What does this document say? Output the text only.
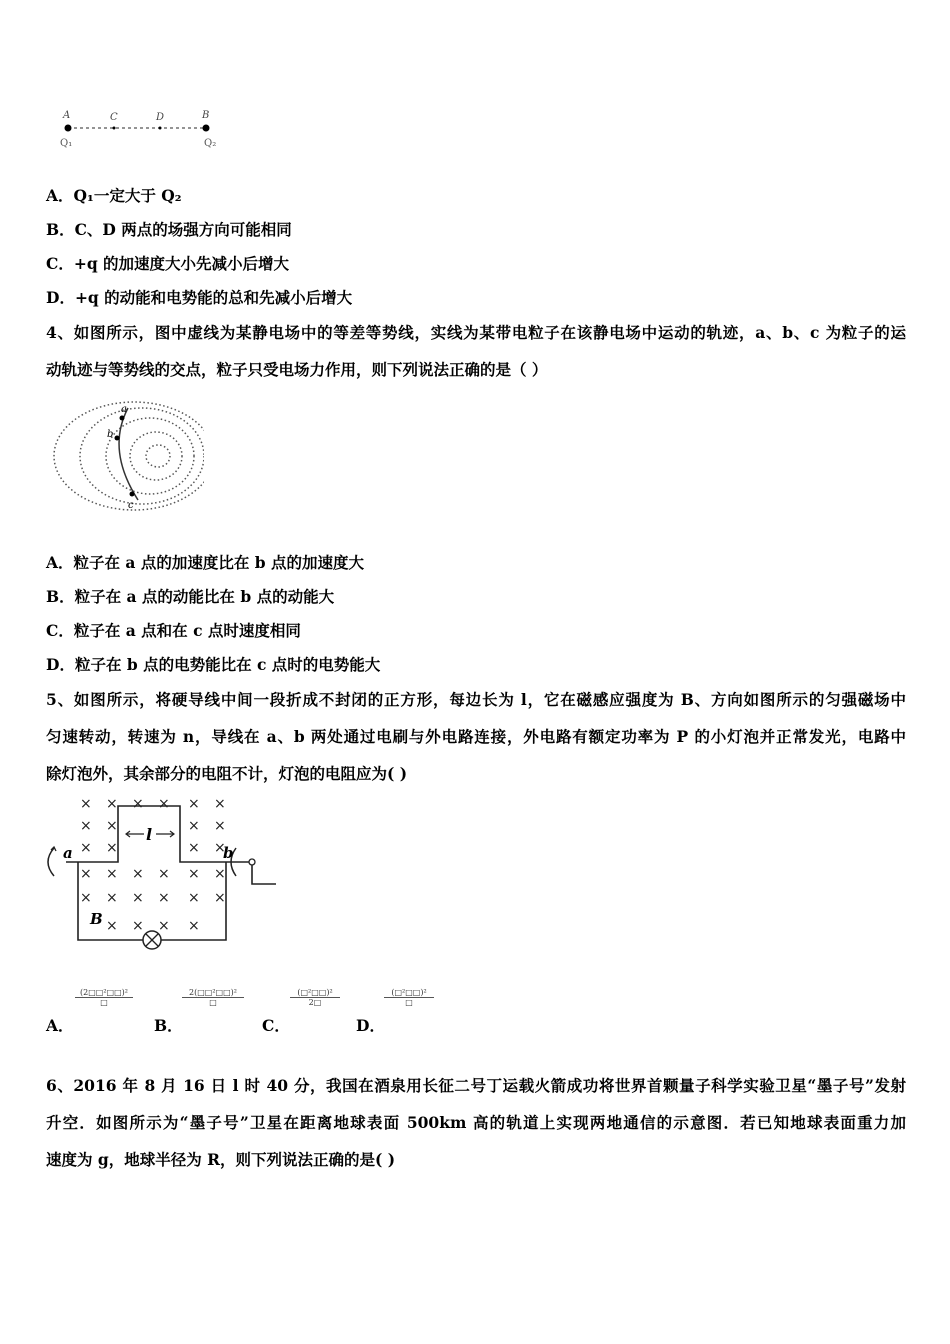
A	C	D	B
Q₁	Q₂
A．Q₁一定大于 Q₂
B．C、D 两点的场强方向可能相同
C．+q 的加速度大小先减小后增大
D．+q 的动能和电势能的总和先减小后增大
4、如图所示，图中虚线为某静电场中的等差等势线，实线为某带电粒子在该静电场中运动的轨迹，a、b、c 为粒子的运
动轨迹与等势线的交点，粒子只受电场力作用，则下列说法正确的是（ ）
a
b
c
A．粒子在 a 点的加速度比在 b 点的加速度大
B．粒子在 a 点的动能比在 b 点的动能大
C．粒子在 a 点和在 c 点时速度相同
D．粒子在 b 点的电势能比在 c 点时的电势能大
5、如图所示，将硬导线中间一段折成不封闭的正方形，每边长为 l，它在磁感应强度为 B、方向如图所示的匀强磁场中
匀速转动，转速为 n，导线在 a、b 两处通过电刷与外电路连接，外电路有额定功率为 P 的小灯泡并正常发光，电路中
除灯泡外，其余部分的电阻不计，灯泡的电阻应为( )
× × × × × ×
× ×	× ×
× ×	× ×
× × × × × ×
× × × × × ×
× × × ×
l
a	b
B
(2□□²□□)²
□
A．
2(□□²□□)²
□
B．
(□²□□)²
2□
C．
(□²□□)²
□
D．
6、2016 年 8 月 16 日 l 时 40 分，我国在酒泉用长征二号丁运载火箭成功将世界首颗量子科学实验卫星“墨子号”发射
升空．如图所示为“墨子号”卫星在距离地球表面 500km 高的轨道上实现两地通信的示意图．若已知地球表面重力加
速度为 g，地球半径为 R，则下列说法正确的是( )
